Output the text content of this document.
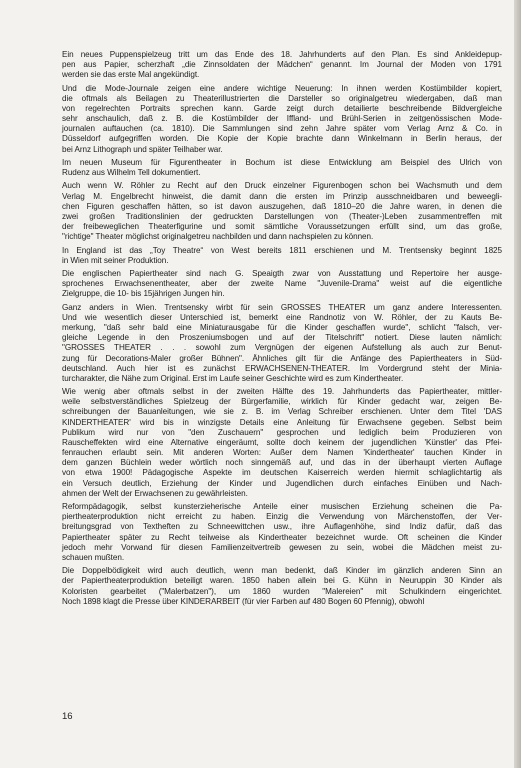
Ein neues Puppenspielzeug tritt um das Ende des 18. Jahrhunderts auf den Plan. Es sind Ankleidepup-
pen aus Papier, scherzhaft „die Zinnsoldaten der Mädchen“ genannt. Im Journal der Moden von 1791
werden sie das erste Mal angekündigt.
Und die Mode-Journale zeigen eine andere wichtige Neuerung: In ihnen werden Kostümbilder kopiert,
die oftmals als Beilagen zu Theaterillustrierten die Darsteller so originalgetreu wiedergaben, daß man
von regelrechten Portraits sprechen kann. Garde zeigt durch detailierte beschreibende Bildvergleiche
sehr anschaulich, daß z. B. die Kostümbilder der Iffland- und Brühl-Serien in zeitgenössischen Mode-
journalen auftauchen (ca. 1810). Die Sammlungen sind zehn Jahre später vom Verlag Arnz & Co. in
Düsseldorf aufgegriffen worden. Die Kopie der Kopie brachte dann Winkelmann in Berlin heraus, der
bei Arnz Lithograph und später Teilhaber war.
Im neuen Museum für Figurentheater in Bochum ist diese Entwicklung am Beispiel des Ulrich von
Rudenz aus Wilhelm Tell dokumentiert.
Auch wenn W. Röhler zu Recht auf den Druck einzelner Figurenbogen schon bei Wachsmuth und dem
Verlag M. Engelbrecht hinweist, die damit dann die ersten im Prinzip ausschneidbaren und beweegli-
chen Figuren geschaffen hätten, so ist davon auszugehen, daß 1810–20 die Jahre waren, in denen die
zwei großen Traditionslinien der gedruckten Darstellungen von (Theater-)Leben zusammentreffen mit
der freibeweglichen Theaterfigurine und somit sämtliche Voraussetzungen erfüllt sind, um das große,
"richtige" Theater möglichst originalgetreu nachbilden und dann nachspielen zu können.
In England ist das „Toy Theatre“ von West bereits 1811 erschienen und M. Trentsensky beginnt 1825
in Wien mit seiner Produktion.
Die englischen Papiertheater sind nach G. Speaigth zwar von Ausstattung und Repertoire her ausge-
sprochenes Erwachsenentheater, aber der zweite Name "Juvenile-Drama" weist auf die eigentliche
Zielgruppe, die 10- bis 15jährigen Jungen hin.
Ganz anders in Wien. Trentsensky wirbt für sein GROSSES THEATER um ganz andere Interessenten.
Und wie wesentlich dieser Unterschied ist, bemerkt eine Randnotiz von W. Röhler, der zu Kauts Be-
merkung, "daß sehr bald eine Miniaturausgabe für die Kinder geschaffen wurde", schlicht "falsch, ver-
gleiche Legende in den Proszeniumsbogen und auf der Titelschrift" notiert. Diese lauten nämlich:
"GROSSES THEATER . . . sowohl zum Vergnügen der eigenen Aufstellung als auch zur Benut-
zung für Decorations-Maler großer Bühnen". Ähnliches gilt für die Anfänge des Papiertheaters in Süd-
deutschland. Auch hier ist es zunächst ERWACHSENEN-THEATER. Im Vordergrund steht der Minia-
turcharakter, die Nähe zum Original. Erst im Laufe seiner Geschichte wird es zum Kindertheater.
Wie wenig aber oftmals selbst in der zweiten Hälfte des 19. Jahrhunderts das Papiertheater, mittler-
weile selbstverständliches Spielzeug der Bürgerfamilie, wirklich für Kinder gedacht war, zeigen Be-
schreibungen der Bauanleitungen, wie sie z. B. im Verlag Schreiber erschienen. Unter dem Titel 'DAS
KINDERTHEATER' wird bis in winzigste Details eine Anleitung für Erwachsene gegeben. Selbst beim
Publikum wird nur von "den Zuschauern" gesprochen und lediglich beim Produzieren von
Rauscheffekten wird eine Alternative eingeräumt, sollte doch keinem der jugendlichen 'Künstler' das Pfei-
fenrauchen erlaubt sein. Mit anderen Worten: Außer dem Namen 'Kindertheater' tauchen Kinder in
dem ganzen Büchlein weder wörtlich noch sinngemäß auf, und das in der überhaupt vierten Auflage
von etwa 1900! Pädagogische Aspekte im deutschen Kaiserreich werden hiermit schlaglichtartig als
ein Versuch deutlich, Erziehung der Kinder und Jugendlichen durch einfaches Einüben und Nach-
ahmen der Welt der Erwachsenen zu gewährleisten.
Reformpädagogik, selbst kunsterzieherische Anteile einer musischen Erziehung scheinen die Pa-
piertheaterproduktion nicht erreicht zu haben. Einzig die Verwendung von Märchenstoffen, der Ver-
breitungsgrad von Textheften zu Schneewittchen usw., ihre Auflagenhöhe, sind Indiz dafür, daß das
Papiertheater später zu Recht teilweise als Kindertheater bezeichnet wurde. Oft scheinen die Kinder
jedoch mehr Vorwand für diesen Familienzeitvertreib gewesen zu sein, wobei die Mädchen meist zu-
schauen mußten.
Die Doppelbödigkeit wird auch deutlich, wenn man bedenkt, daß Kinder im gänzlich anderen Sinn an
der Papiertheaterproduktion beteiligt waren. 1850 haben allein bei G. Kühn in Neuruppin 30 Kinder als
Koloristen gearbeitet ("Malerbatzen"), um 1860 wurden "Malereien" mit Schulkindern eingerichtet.
Noch 1898 klagt die Presse über KINDERARBEIT (für vier Farben auf 480 Bogen 60 Pfennig), obwohl
16
